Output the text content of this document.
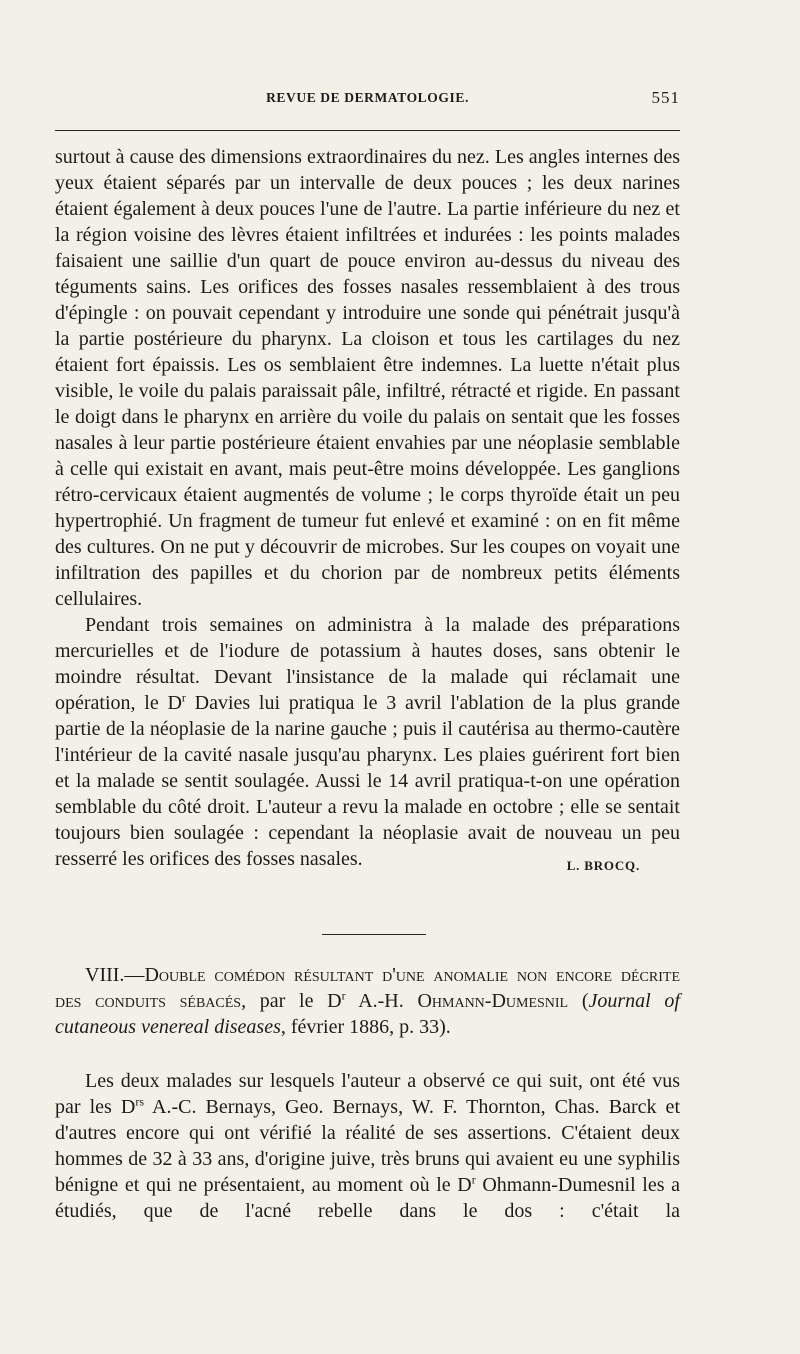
REVUE DE DERMATOLOGIE.	551

surtout à cause des dimensions extraordinaires du nez. Les angles internes des yeux étaient séparés par un intervalle de deux pouces ; les deux narines étaient également à deux pouces l'une de l'autre. La partie inférieure du nez et la région voisine des lèvres étaient infiltrées et indurées : les points malades faisaient une saillie d'un quart de pouce environ au-dessus du niveau des téguments sains. Les orifices des fosses nasales ressemblaient à des trous d'épingle : on pouvait cependant y introduire une sonde qui pénétrait jusqu'à la partie postérieure du pharynx. La cloison et tous les cartilages du nez étaient fort épaissis. Les os semblaient être indemnes. La luette n'était plus visible, le voile du palais paraissait pâle, infiltré, rétracté et rigide. En passant le doigt dans le pharynx en arrière du voile du palais on sentait que les fosses nasales à leur partie postérieure étaient envahies par une néoplasie semblable à celle qui existait en avant, mais peut-être moins développée. Les ganglions rétro-cervicaux étaient augmentés de volume ; le corps thyroïde était un peu hypertrophié. Un fragment de tumeur fut enlevé et examiné : on en fit même des cultures. On ne put y découvrir de microbes. Sur les coupes on voyait une infiltration des papilles et du chorion par de nombreux petits éléments cellulaires.

Pendant trois semaines on administra à la malade des préparations mercurielles et de l'iodure de potassium à hautes doses, sans obtenir le moindre résultat. Devant l'insistance de la malade qui réclamait une opération, le $D^r$ Davies lui pratiqua le 3 avril l'ablation de la plus grande partie de la néoplasie de la narine gauche ; puis il cautérisa au thermo-cautère l'intérieur de la cavité nasale jusqu'au pharynx. Les plaies guérirent fort bien et la malade se sentit soulagée. Aussi le 14 avril pratiqua-t-on une opération semblable du côté droit. L'auteur a revu la malade en octobre ; elle se sentait toujours bien soulagée : cependant la néoplasie avait de nouveau un peu resserré les orifices des fosses nasales.	L. BROCQ.

VIII.—Double comédon résultant d'une anomalie non encore décrite des conduits sébacés, par le $D^r$ A.-H. Ohmann-Dumesnil (Journal of cutaneous venereal diseases, février 1886, p. 33).

Les deux malades sur lesquels l'auteur a observé ce qui suit, ont été vus par les $D^{rs}$ A.-C. Bernays, Geo. Bernays, W. F. Thornton, Chas. Barck et d'autres encore qui ont vérifié la réalité de ses assertions. C'étaient deux hommes de 32 à 33 ans, d'origine juive, très bruns qui avaient eu une syphilis bénigne et qui ne présentaient, au moment où le $D^r$ Ohmann-Dumesnil les a étudiés, que de l'acné rebelle dans le dos : c'était la
